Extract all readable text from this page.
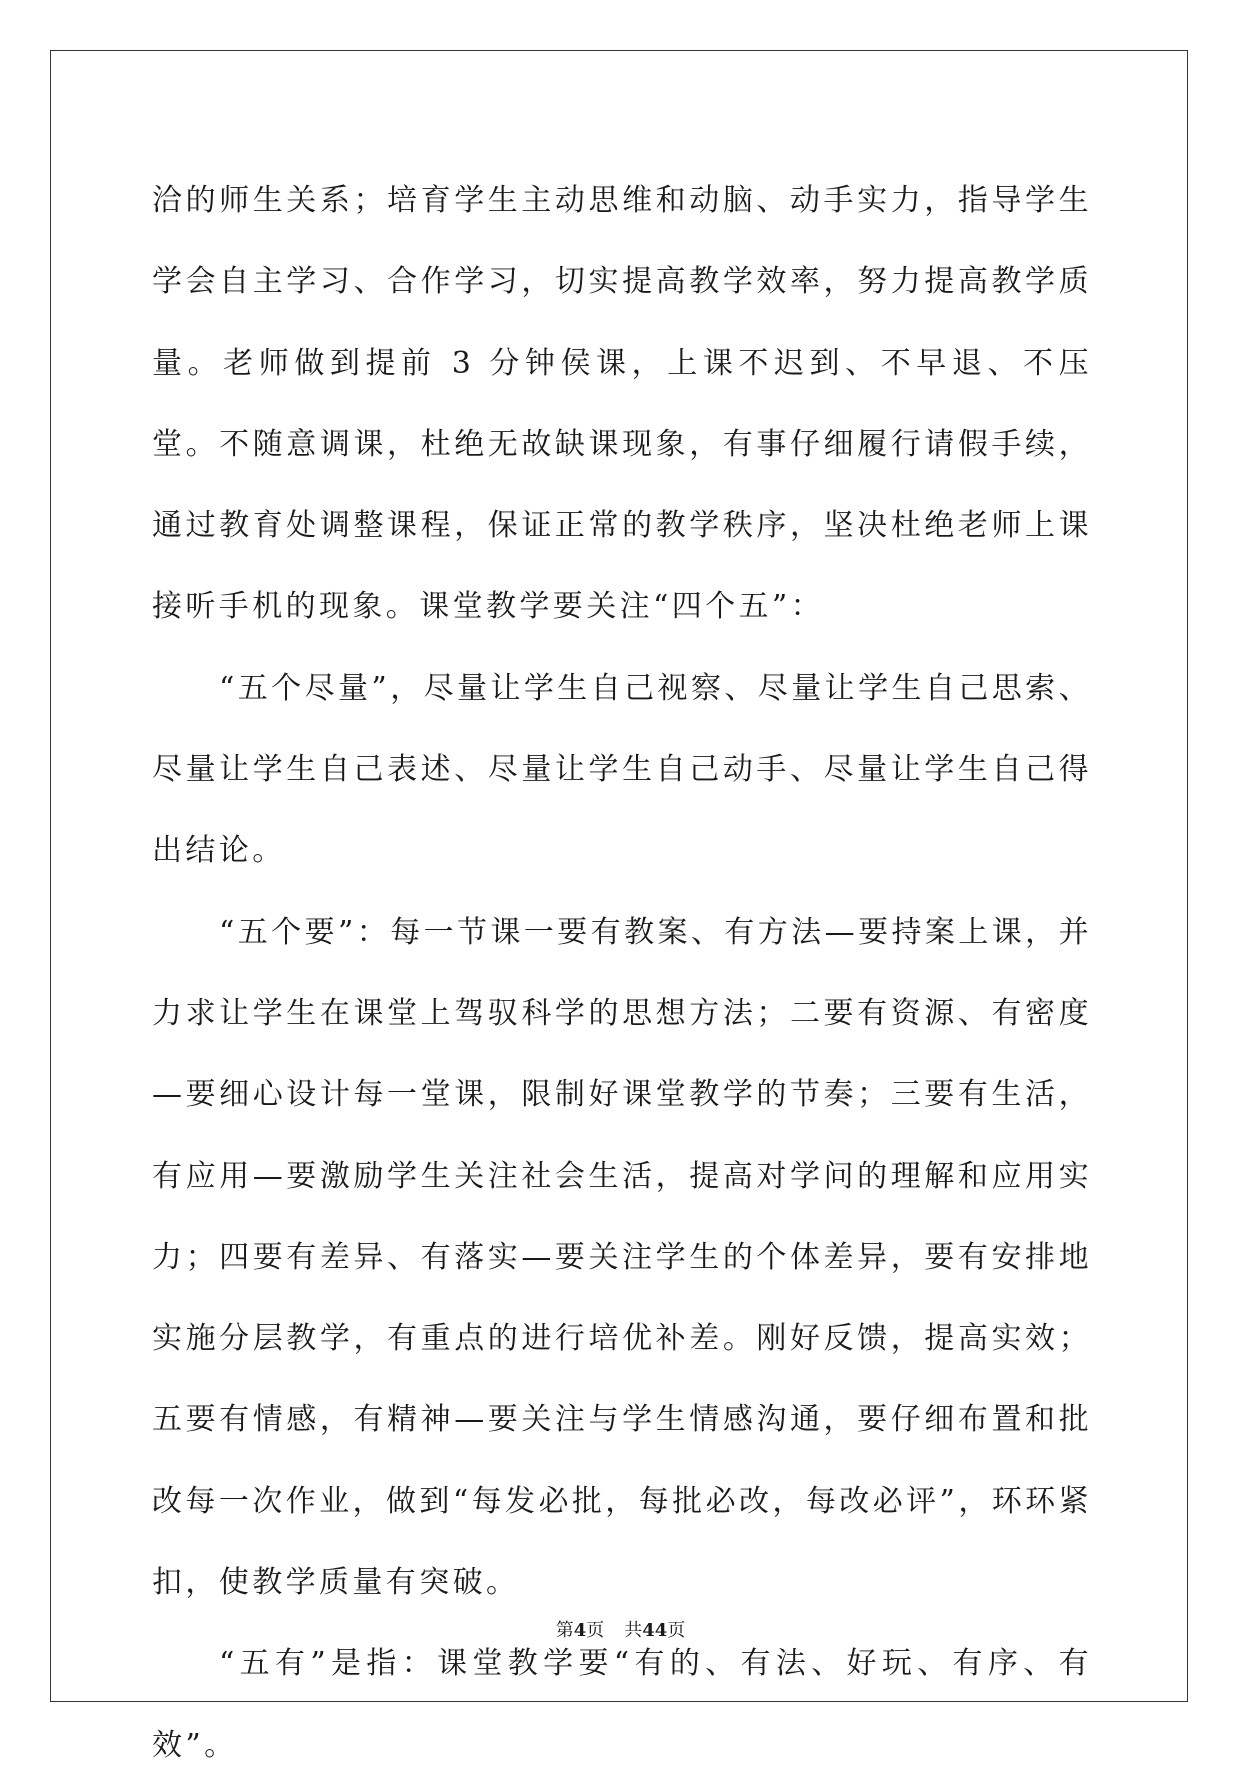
洽的师生关系；培育学生主动思维和动脑、动手实力，指导学生学会自主学习、合作学习，切实提高教学效率，努力提高教学质量。老师做到提前 3 分钟侯课，上课不迟到、不早退、不压堂。不随意调课，杜绝无故缺课现象，有事仔细履行请假手续，通过教育处调整课程，保证正常的教学秩序，坚决杜绝老师上课接听手机的现象。课堂教学要关注“四个五”：

“五个尽量”，尽量让学生自己视察、尽量让学生自己思索、尽量让学生自己表述、尽量让学生自己动手、尽量让学生自己得出结论。

“五个要”：每一节课一要有教案、有方法—要持案上课，并力求让学生在课堂上驾驭科学的思想方法；二要有资源、有密度—要细心设计每一堂课，限制好课堂教学的节奏；三要有生活，有应用—要激励学生关注社会生活，提高对学问的理解和应用实力；四要有差异、有落实—要关注学生的个体差异，要有安排地实施分层教学，有重点的进行培优补差。刚好反馈，提高实效；五要有情感，有精神—要关注与学生情感沟通，要仔细布置和批改每一次作业，做到“每发必批，每批必改，每改必评”，环环紧扣，使教学质量有突破。

“五有”是指：课堂教学要“有的、有法、好玩、有序、有效”。

第4页 共44页
